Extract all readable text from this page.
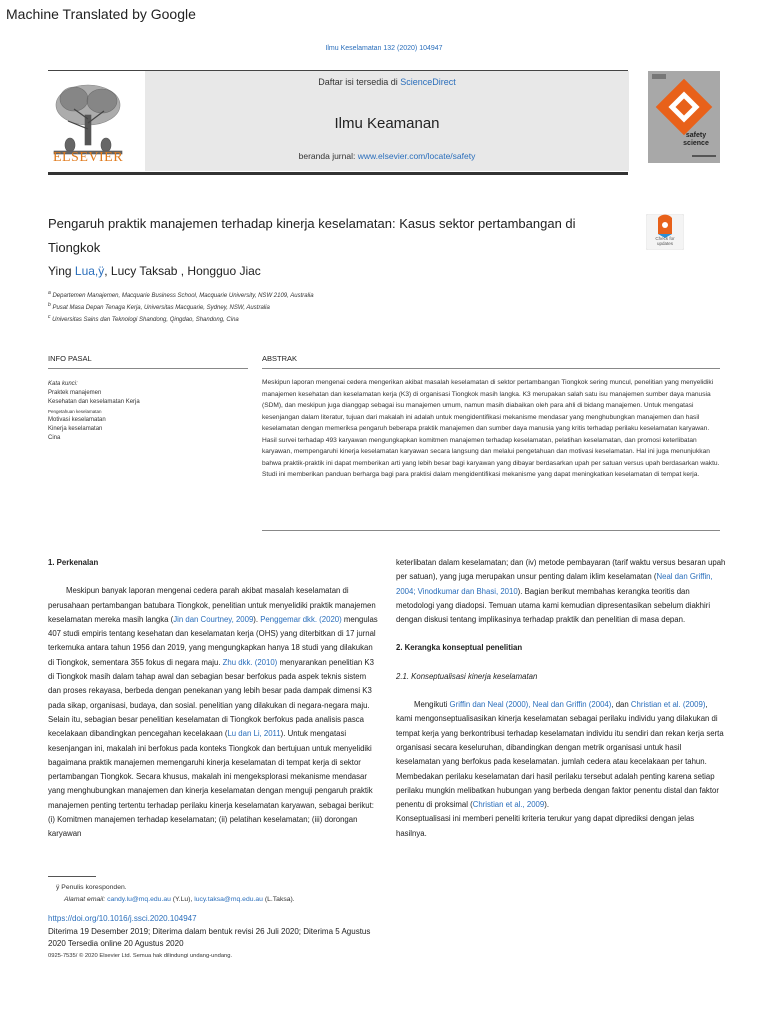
Machine Translated by Google
Ilmu Keselamatan 132 (2020) 104947
ELSEVIER
Daftar isi tersedia di ScienceDirect
Ilmu Keamanan
beranda jurnal: www.elsevier.com/locate/safety
safety
science
Pengaruh praktik manajemen terhadap kinerja keselamatan: Kasus sektor pertambangan di Tiongkok
Check for
updates
Ying Lua,ÿ, Lucy Taksab , Hongguo Jiac
$^a$ Departemen Manajemen, Macquarie Business School, Macquarie University, NSW 2109, Australia
$^b$ Pusat Masa Depan Tenaga Kerja, Universitas Macquarie, Sydney, NSW, Australia
$^c$ Universitas Sains dan Teknologi Shandong, Qingdao, Shandong, Cina
INFO PASAL	ABSTRAK
Kata kunci:
Praktek manajemen
Kesehatan dan keselamatan Kerja
Pengetahuan keselamatan
Motivasi keselamatan
Kinerja keselamatan
Cina
Meskipun laporan mengenai cedera mengerikan akibat masalah keselamatan di sektor pertambangan Tiongkok sering muncul, penelitian yang menyelidiki manajemen kesehatan dan keselamatan kerja (K3) di organisasi Tiongkok masih langka. K3 merupakan salah satu isu manajemen sumber daya manusia (SDM), dan meskipun juga dianggap sebagai isu manajemen umum, namun masih diabaikan oleh para ahli di bidang manajemen. Untuk mengatasi kesenjangan dalam literatur, tujuan dari makalah ini adalah untuk mengidentifikasi mekanisme mendasar yang menghubungkan manajemen dan hasil keselamatan dengan memeriksa pengaruh beberapa praktik manajemen dan sumber daya manusia yang kritis terhadap perilaku keselamatan karyawan. Hasil survei terhadap 493 karyawan mengungkapkan komitmen manajemen terhadap keselamatan, pelatihan keselamatan, dan promosi keterlibatan karyawan, mempengaruhi kinerja keselamatan karyawan secara langsung dan melalui pengetahuan dan motivasi keselamatan. Hal ini juga menunjukkan bahwa praktik-praktik ini dapat memberikan arti yang lebih besar bagi karyawan yang dibayar berdasarkan upah per satuan versus upah berdasarkan waktu. Studi ini memberikan panduan berharga bagi para praktisi dalam mengidentifikasi mekanisme yang dapat meningkatkan keselamatan di tempat kerja.
1. Perkenalan

Meskipun banyak laporan mengenai cedera parah akibat masalah keselamatan di perusahaan pertambangan batubara Tiongkok, penelitian untuk menyelidiki praktik manajemen keselamatan mereka masih langka (Jin dan Courtney, 2009). Penggemar dkk. (2020) mengulas 407 studi empiris tentang kesehatan dan keselamatan kerja (OHS) yang diterbitkan di 17 jurnal terkemuka antara tahun 1956 dan 2019, yang mengungkapkan hanya 18 studi yang dilakukan di Tiongkok, sementara 355 fokus di negara maju. Zhu dkk. (2010) menyarankan penelitian K3 di Tiongkok masih dalam tahap awal dan sebagian besar berfokus pada aspek teknis sistem dan proses rekayasa, berbeda dengan penekanan yang lebih besar pada dampak dimensi K3 pada sikap, organisasi, budaya, dan sosial. penelitian yang dilakukan di negara-negara maju.

Selain itu, sebagian besar penelitian keselamatan di Tiongkok berfokus pada analisis pasca kecelakaan dibandingkan pencegahan kecelakaan (Lu dan Li, 2011). Untuk mengatasi kesenjangan ini, makalah ini berfokus pada konteks Tiongkok dan bertujuan untuk menyelidiki bagaimana praktik manajemen memengaruhi kinerja keselamatan di tempat kerja di sektor pertambangan Tiongkok. Secara khusus, makalah ini mengeksplorasi mekanisme mendasar yang menghubungkan manajemen dan kinerja keselamatan dengan menguji pengaruh praktik manajemen penting tertentu terhadap perilaku kinerja keselamatan karyawan, sebagai berikut:

(i) Komitmen manajemen terhadap keselamatan; (ii) pelatihan keselamatan; (iii) dorongan karyawan

keterlibatan dalam keselamatan; dan (iv) metode pembayaran (tarif waktu versus besaran upah per satuan), yang juga merupakan unsur penting dalam iklim keselamatan (Neal dan Griffin, 2004; Vinodkumar dan Bhasi, 2010). Bagian berikut membahas kerangka teoritis dan metodologi yang diadopsi. Temuan utama kami kemudian dipresentasikan sebelum diakhiri dengan diskusi tentang implikasinya terhadap praktik dan penelitian di masa depan.

2. Kerangka konseptual penelitian
2.1. Konseptualisasi kinerja keselamatan

Mengikuti Griffin dan Neal (2000), Neal dan Griffin (2004), dan Christian et al. (2009), kami mengonseptualisasikan kinerja keselamatan sebagai perilaku individu yang dilakukan di tempat kerja yang berkontribusi terhadap keselamatan individu itu sendiri dan rekan kerja serta organisasi secara keseluruhan, dibandingkan dengan metrik organisasi untuk hasil keselamatan yang berfokus pada keselamatan. jumlah cedera atau kecelakaan per tahun. Membedakan perilaku keselamatan dari hasil perilaku tersebut adalah penting karena setiap perilaku mungkin melibatkan hubungan yang berbeda dengan faktor penentu distal dan faktor penentu di proksimal (Christian et al., 2009).

Konseptualisasi ini memberi peneliti kriteria terukur yang dapat diprediksi dengan jelas hasilnya.

ÿ Penulis koresponden.
Alamat email: candy.lu@mq.edu.au (Y.Lu), lucy.taksa@mq.edu.au (L.Taksa).
https://doi.org/10.1016/j.ssci.2020.104947
Diterima 19 Desember 2019; Diterima dalam bentuk revisi 26 Juli 2020; Diterima 5 Agustus
2020 Tersedia online 20 Agustus 2020
0925-7535/ © 2020 Elsevier Ltd. Semua hak dilindungi undang-undang.
